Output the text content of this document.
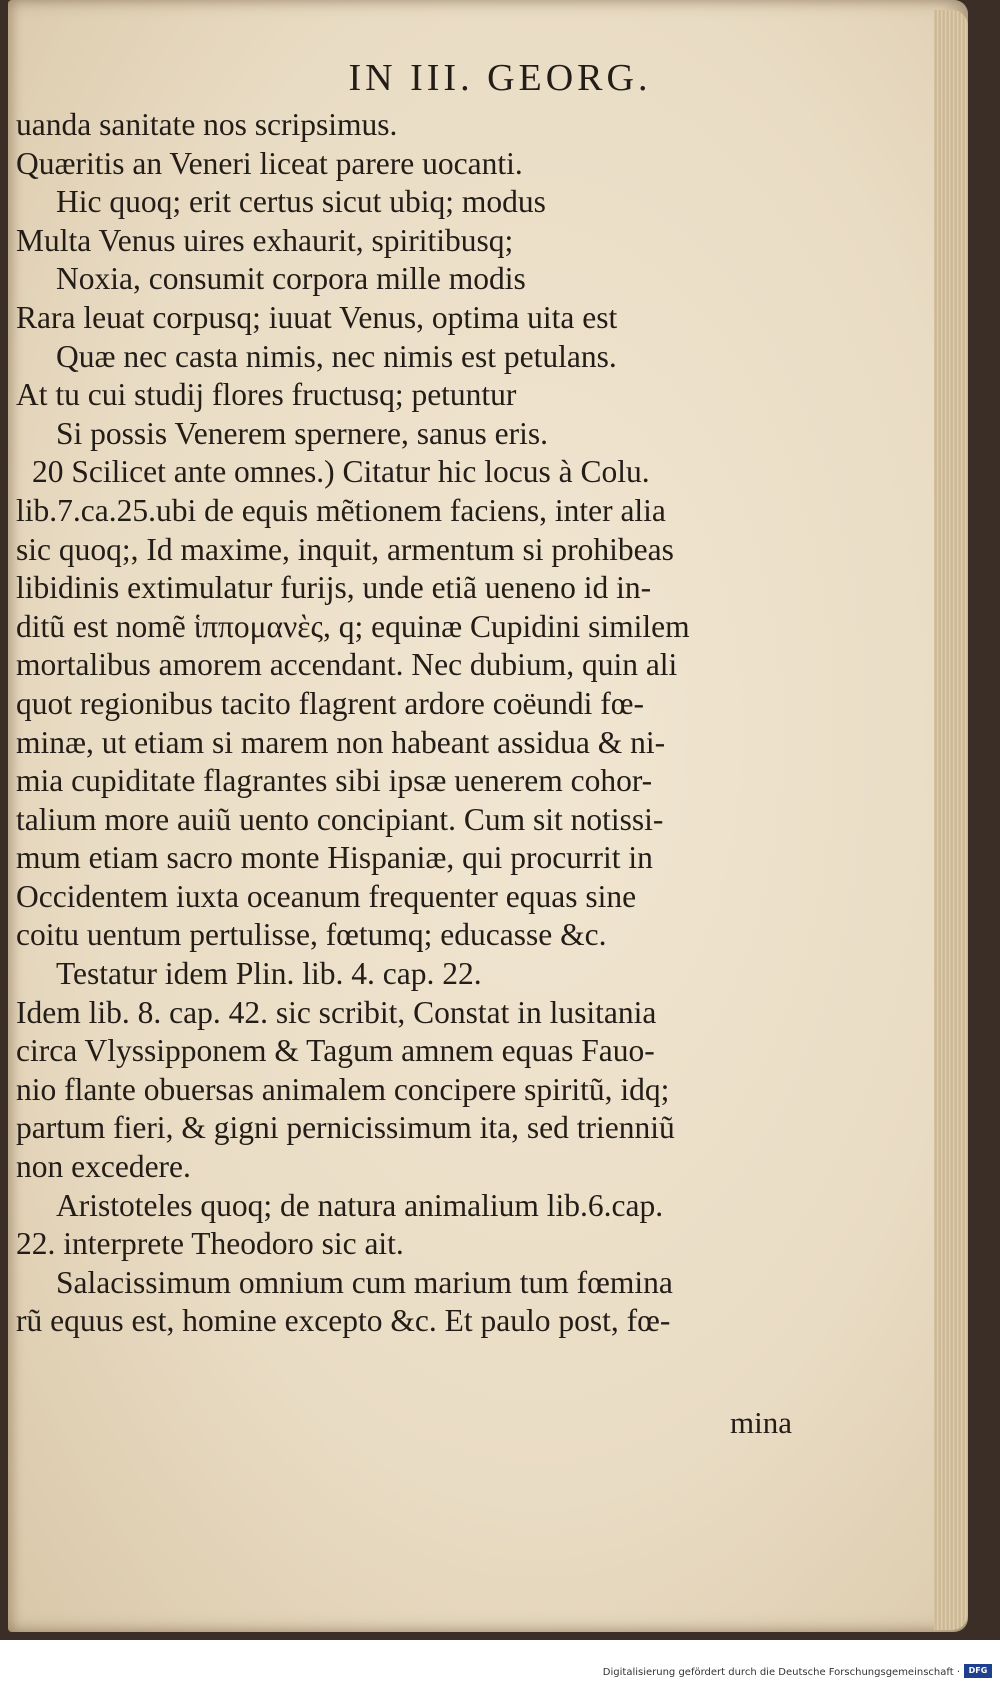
IN III. GEORG.
uanda sanitate nos scripsimus.
Quæritis an Veneri liceat parere uocanti.
Hic quoq; erit certus sicut ubiq; modus
Multa Venus uires exhaurit, spiritibusq;
Noxia, consumit corpora mille modis
Rara leuat corpusq; iuuat Venus, optima uita est
Quæ nec casta nimis, nec nimis est petulans.
At tu cui studij flores fructusq; petuntur
Si possis Venerem spernere, sanus eris.
20 Scilicet ante omnes.) Citatur hic locus à Colu.
lib.7.ca.25.ubi de equis mẽtionem faciens, inter alia
sic quoq;, Id maxime, inquit, armentum si prohibeas
libidinis extimulatur furijs, unde etiã ueneno id in-
ditũ est nomẽ ἱππομανὲς, q; equinæ Cupidini similem
mortalibus amorem accendant. Nec dubium, quin ali
quot regionibus tacito flagrent ardore coëundi fœ-
minæ, ut etiam si marem non habeant assidua & ni-
mia cupiditate flagrantes sibi ipsæ uenerem cohor-
talium more auiũ uento concipiant. Cum sit notissi-
mum etiam sacro monte Hispaniæ, qui procurrit in
Occidentem iuxta oceanum frequenter equas sine
coitu uentum pertulisse, fœtumq; educasse &c.
Testatur idem Plin. lib. 4. cap. 22.
Idem lib. 8. cap. 42. sic scribit, Constat in lusitania
circa Vlyssipponem & Tagum amnem equas Fauo-
nio flante obuersas animalem concipere spiritũ, idq;
partum fieri, & gigni pernicissimum ita, sed trienniũ
non excedere.
Aristoteles quoq; de natura animalium lib.6.cap.
22. interprete Theodoro sic ait.
Salacissimum omnium cum marium tum fœmina
rũ equus est, homine excepto &c. Et paulo post, fœ-
mina
Digitalisierung gefördert durch die Deutsche Forschungsgemeinschaft ·	DFG
